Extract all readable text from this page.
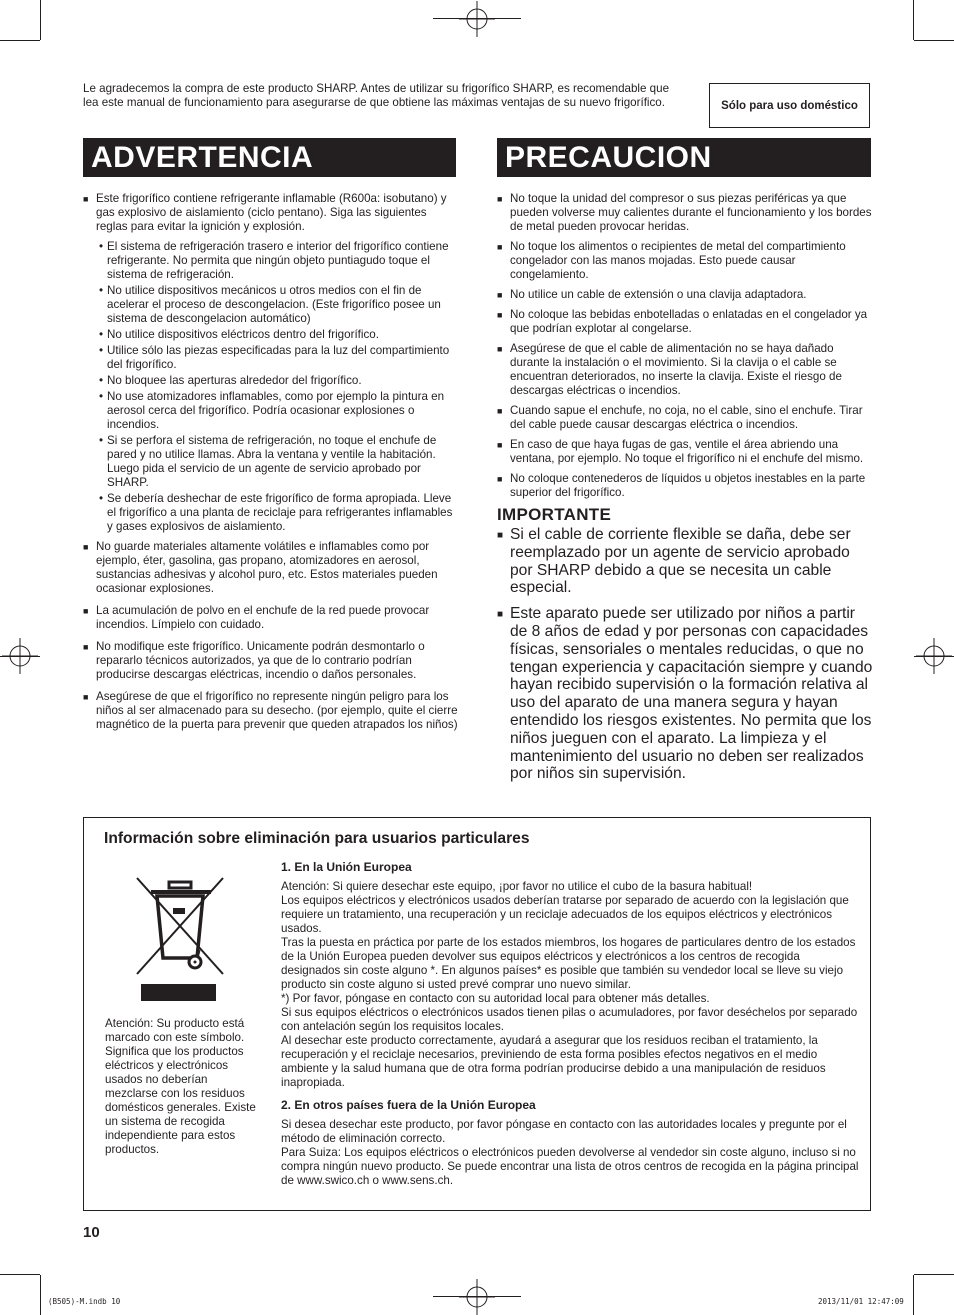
Le agradecemos la compra de este producto SHARP. Antes de utilizar su frigorífico SHARP, es recomendable que lea este manual de funcionamiento para asegurarse de que obtiene las máximas ventajas de su nuevo frigorífico.	Sólo para uso doméstico
ADVERTENCIA	PRECAUCION
■ Este frigorífico contiene refrigerante inflamable (R600a: isobutano) y gas explosivo de aislamiento (ciclo pentano). Siga las siguientes reglas para evitar la ignición y explosión.
• El sistema de refrigeración trasero e interior del frigorífico contiene refrigerante. No permita que ningún objeto puntiagudo toque el sistema de refrigeración.
• No utilice dispositivos mecánicos u otros medios con el fin de acelerar el proceso de descongelacion. (Este frigorífico posee un sistema de descongelacion automático)
• No utilice dispositivos eléctricos dentro del frigorífico.
• Utilice sólo las piezas especificadas para la luz del compartimiento del frigorífico.
• No bloquee las aperturas alrededor del frigorífico.
• No use atomizadores inflamables, como por ejemplo la pintura en aerosol cerca del frigorífico. Podría ocasionar explosiones o incendios.
• Si se perfora el sistema de refrigeración, no toque el enchufe de pared y no utilice llamas. Abra la ventana y ventile la habitación. Luego pida el servicio de un agente de servicio aprobado por SHARP.
• Se debería deshechar de este frigorífico de forma apropiada. Lleve el frigorífico a una planta de reciclaje para refrigerantes inflamables y gases explosivos de aislamiento.
■ No guarde materiales altamente volátiles e inflamables como por ejemplo, éter, gasolina, gas propano, atomizadores en aerosol, sustancias adhesivas y alcohol puro, etc. Estos materiales pueden ocasionar explosiones.
■ La acumulación de polvo en el enchufe de la red puede provocar incendios. Límpielo con cuidado.
■ No modifique este frigorífico. Unicamente podrán desmontarlo o repararlo técnicos autorizados, ya que de lo contrario podrían producirse descargas eléctricas, incendio o daños personales.
■ Asegúrese de que el frigorífico no represente ningún peligro para los niños al ser almacenado para su desecho. (por ejemplo, quite el cierre magnético de la puerta para prevenir que queden atrapados los niños)
■ No toque la unidad del compresor o sus piezas periféricas ya que pueden volverse muy calientes durante el funcionamiento y los bordes de metal pueden provocar heridas.
■ No toque los alimentos o recipientes de metal del compartimiento congelador con las manos mojadas. Esto puede causar congelamiento.
■ No utilice un cable de extensión o una clavija adaptadora.
■ No coloque las bebidas enbotelladas o enlatadas en el congelador ya que podrían explotar al congelarse.
■ Asegúrese de que el cable de alimentación no se haya dañado durante la instalación o el movimiento. Si la clavija o el cable se encuentran deteriorados, no inserte la clavija. Existe el riesgo de descargas eléctricas o incendios.
■ Cuando sapue el enchufe, no coja, no el cable, sino el enchufe. Tirar del cable puede causar descargas eléctrica o incendios.
■ En caso de que haya fugas de gas, ventile el área abriendo una ventana, por ejemplo. No toque el frigorífico ni el enchufe del mismo.
■ No coloque contenederos de líquidos u objetos inestables en la parte superior del frigorífico.
IMPORTANTE
■ Si el cable de corriente flexible se daña, debe ser reemplazado por un agente de servicio aprobado por SHARP debido a que se necesita un cable especial.
■ Este aparato puede ser utilizado por niños a partir de 8 años de edad y por personas con capacidades físicas, sensoriales o mentales reducidas, o que no tengan experiencia y capacitación siempre y cuando hayan recibido supervisión o la formación relativa al uso del aparato de una manera segura y hayan entendido los riesgos existentes. No permita que los niños jueguen con el aparato. La limpieza y el mantenimiento del usuario no deben ser realizados por niños sin supervisión.
Información sobre eliminación para usuarios particulares

Atención: Su producto está marcado con este símbolo. Significa que los productos eléctricos y electrónicos usados no deberían mezclarse con los residuos domésticos generales. Existe un sistema de recogida independiente para estos productos.

1. En la Unión Europea

Atención: Si quiere desechar este equipo, ¡por favor no utilice el cubo de la basura habitual!

Los equipos eléctricos y electrónicos usados deberían tratarse por separado de acuerdo con la legislación que requiere un tratamiento, una recuperación y un reciclaje adecuados de los equipos eléctricos y electrónicos usados.

Tras la puesta en práctica por parte de los estados miembros, los hogares de particulares dentro de los estados de la Unión Europea pueden devolver sus equipos eléctricos y electrónicos a los centros de recogida designados sin coste alguno *. En algunos países* es posible que también su vendedor local se lleve su viejo producto sin coste alguno si usted prevé comprar uno nuevo similar.

*) Por favor, póngase en contacto con su autoridad local para obtener más detalles.

Si sus equipos eléctricos o electrónicos usados tienen pilas o acumuladores, por favor deséchelos por separado con antelación según los requisitos locales.

Al desechar este producto correctamente, ayudará a asegurar que los residuos reciban el tratamiento, la recuperación y el reciclaje necesarios, previniendo de esta forma posibles efectos negativos en el medio ambiente y la salud humana que de otra forma podrían producirse debido a una manipulación de residuos inapropiada.

2. En otros países fuera de la Unión Europea

Si desea desechar este producto, por favor póngase en contacto con las autoridades locales y pregunte por el método de eliminación correcto.

Para Suiza: Los equipos eléctricos o electrónicos pueden devolverse al vendedor sin coste alguno, incluso si no compra ningún nuevo producto. Se puede encontrar una lista de otros centros de recogida en la página principal de www.swico.ch o www.sens.ch.

10
(B505)-M.indb 10	2013/11/01 12:47:09
